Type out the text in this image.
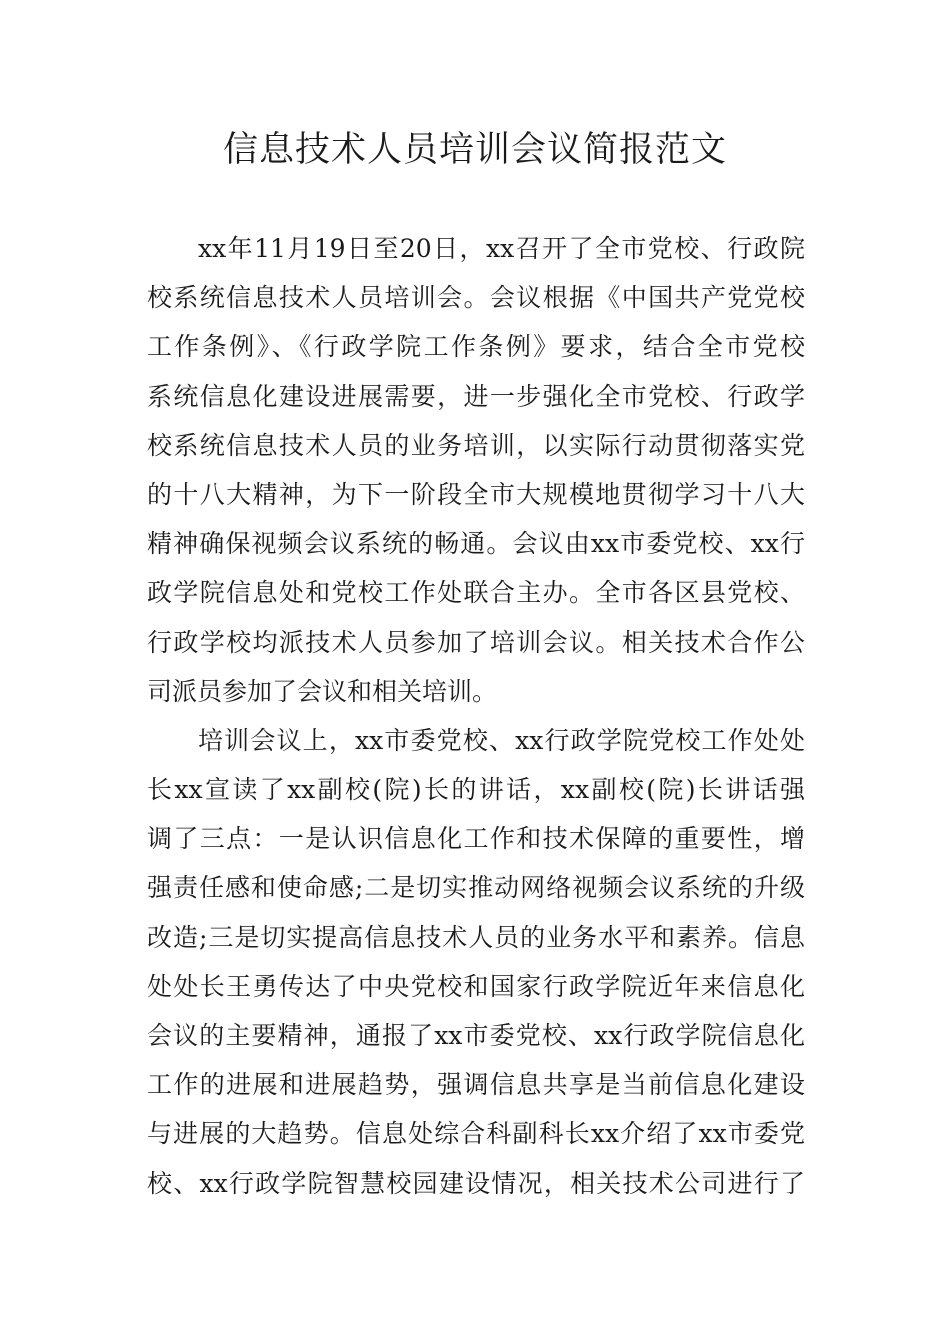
信息技术人员培训会议简报范文
xx年11月19日至20日，xx召开了全市党校、行政院
校系统信息技术人员培训会。会议根据《中国共产党党校
工作条例》、《行政学院工作条例》要求，结合全市党校
系统信息化建设进展需要，进一步强化全市党校、行政学
校系统信息技术人员的业务培训，以实际行动贯彻落实党
的十八大精神，为下一阶段全市大规模地贯彻学习十八大
精神确保视频会议系统的畅通。会议由xx市委党校、xx行
政学院信息处和党校工作处联合主办。全市各区县党校、
行政学校均派技术人员参加了培训会议。相关技术合作公
司派员参加了会议和相关培训。
培训会议上，xx市委党校、xx行政学院党校工作处处
长xx宣读了xx副校(院)长的讲话，xx副校(院)长讲话强
调了三点：一是认识信息化工作和技术保障的重要性，增
强责任感和使命感;二是切实推动网络视频会议系统的升级
改造;三是切实提高信息技术人员的业务水平和素养。信息
处处长王勇传达了中央党校和国家行政学院近年来信息化
会议的主要精神，通报了xx市委党校、xx行政学院信息化
工作的进展和进展趋势，强调信息共享是当前信息化建设
与进展的大趋势。信息处综合科副科长xx介绍了xx市委党
校、xx行政学院智慧校园建设情况，相关技术公司进行了
